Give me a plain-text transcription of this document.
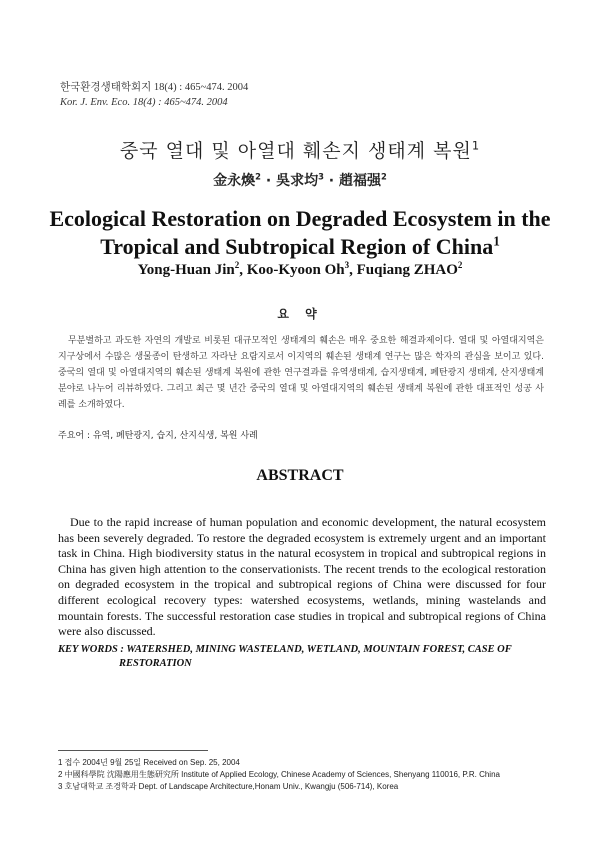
한국환경생태학회지 18(4) : 465~474. 2004
Kor. J. Env. Eco. 18(4) : 465~474. 2004
중국 열대 및 아열대 훼손지 생태계 복원$^1$
金永煥$^2$ · 吳求均$^3$ · 趙福强$^2$
Ecological Restoration on Degraded Ecosystem in the
Tropical and Subtropical Region of China$^1$
Yong-Huan Jin$^2$, Koo-Kyoon Oh$^3$, Fuqiang ZHAO$^2$
요 약
무분별하고 과도한 자연의 개발로 비롯된 대규모적인 생태계의 훼손은 매우 중요한 해결과제이다. 열대 및 아열대지역은 지구상에서 수많은 생물종이 탄생하고 자라난 요람지로서 이지역의 훼손된 생태계 연구는 많은 학자의 관심을 보이고 있다. 중국의 열대 및 아열대지역의 훼손된 생태계 복원에 관한 연구결과를 유역생태계, 습지생태계, 폐탄광지 생태계, 산지생태계 분야로 나누어 리뷰하였다. 그리고 최근 몇 년간 중국의 열대 및 아열대지역의 훼손된 생태계 복원에 관한 대표적인 성공 사례를 소개하였다.
주요어 : 유역, 폐탄광지, 습지, 산지식생, 복원 사례
ABSTRACT
Due to the rapid increase of human population and economic development, the natural ecosystem has been severely degraded. To restore the degraded ecosystem is extremely urgent and an important task in China. High biodiversity status in the natural ecosystem in tropical and subtropical regions in China has given high attention to the conservationists. The recent trends to the ecological restoration on degraded ecosystem in the tropical and subtropical regions of China were discussed for four different ecological recovery types: watershed ecosystems, wetlands, mining wastelands and mountain forests. The successful restoration case studies in tropical and subtropical regions of China were also discussed.
KEY WORDS : WATERSHED, MINING WASTELAND, WETLAND, MOUNTAIN FOREST, CASE OF
RESTORATION
1 접수 2004년 9월 25일 Received on Sep. 25, 2004
2 中國科學院 沈陽應用生態研究所 Institute of Applied Ecology, Chinese Academy of Sciences, Shenyang 110016, P.R. China
3 호남대학교 조경학과 Dept. of Landscape Architecture,Honam Univ., Kwangju (506-714), Korea
